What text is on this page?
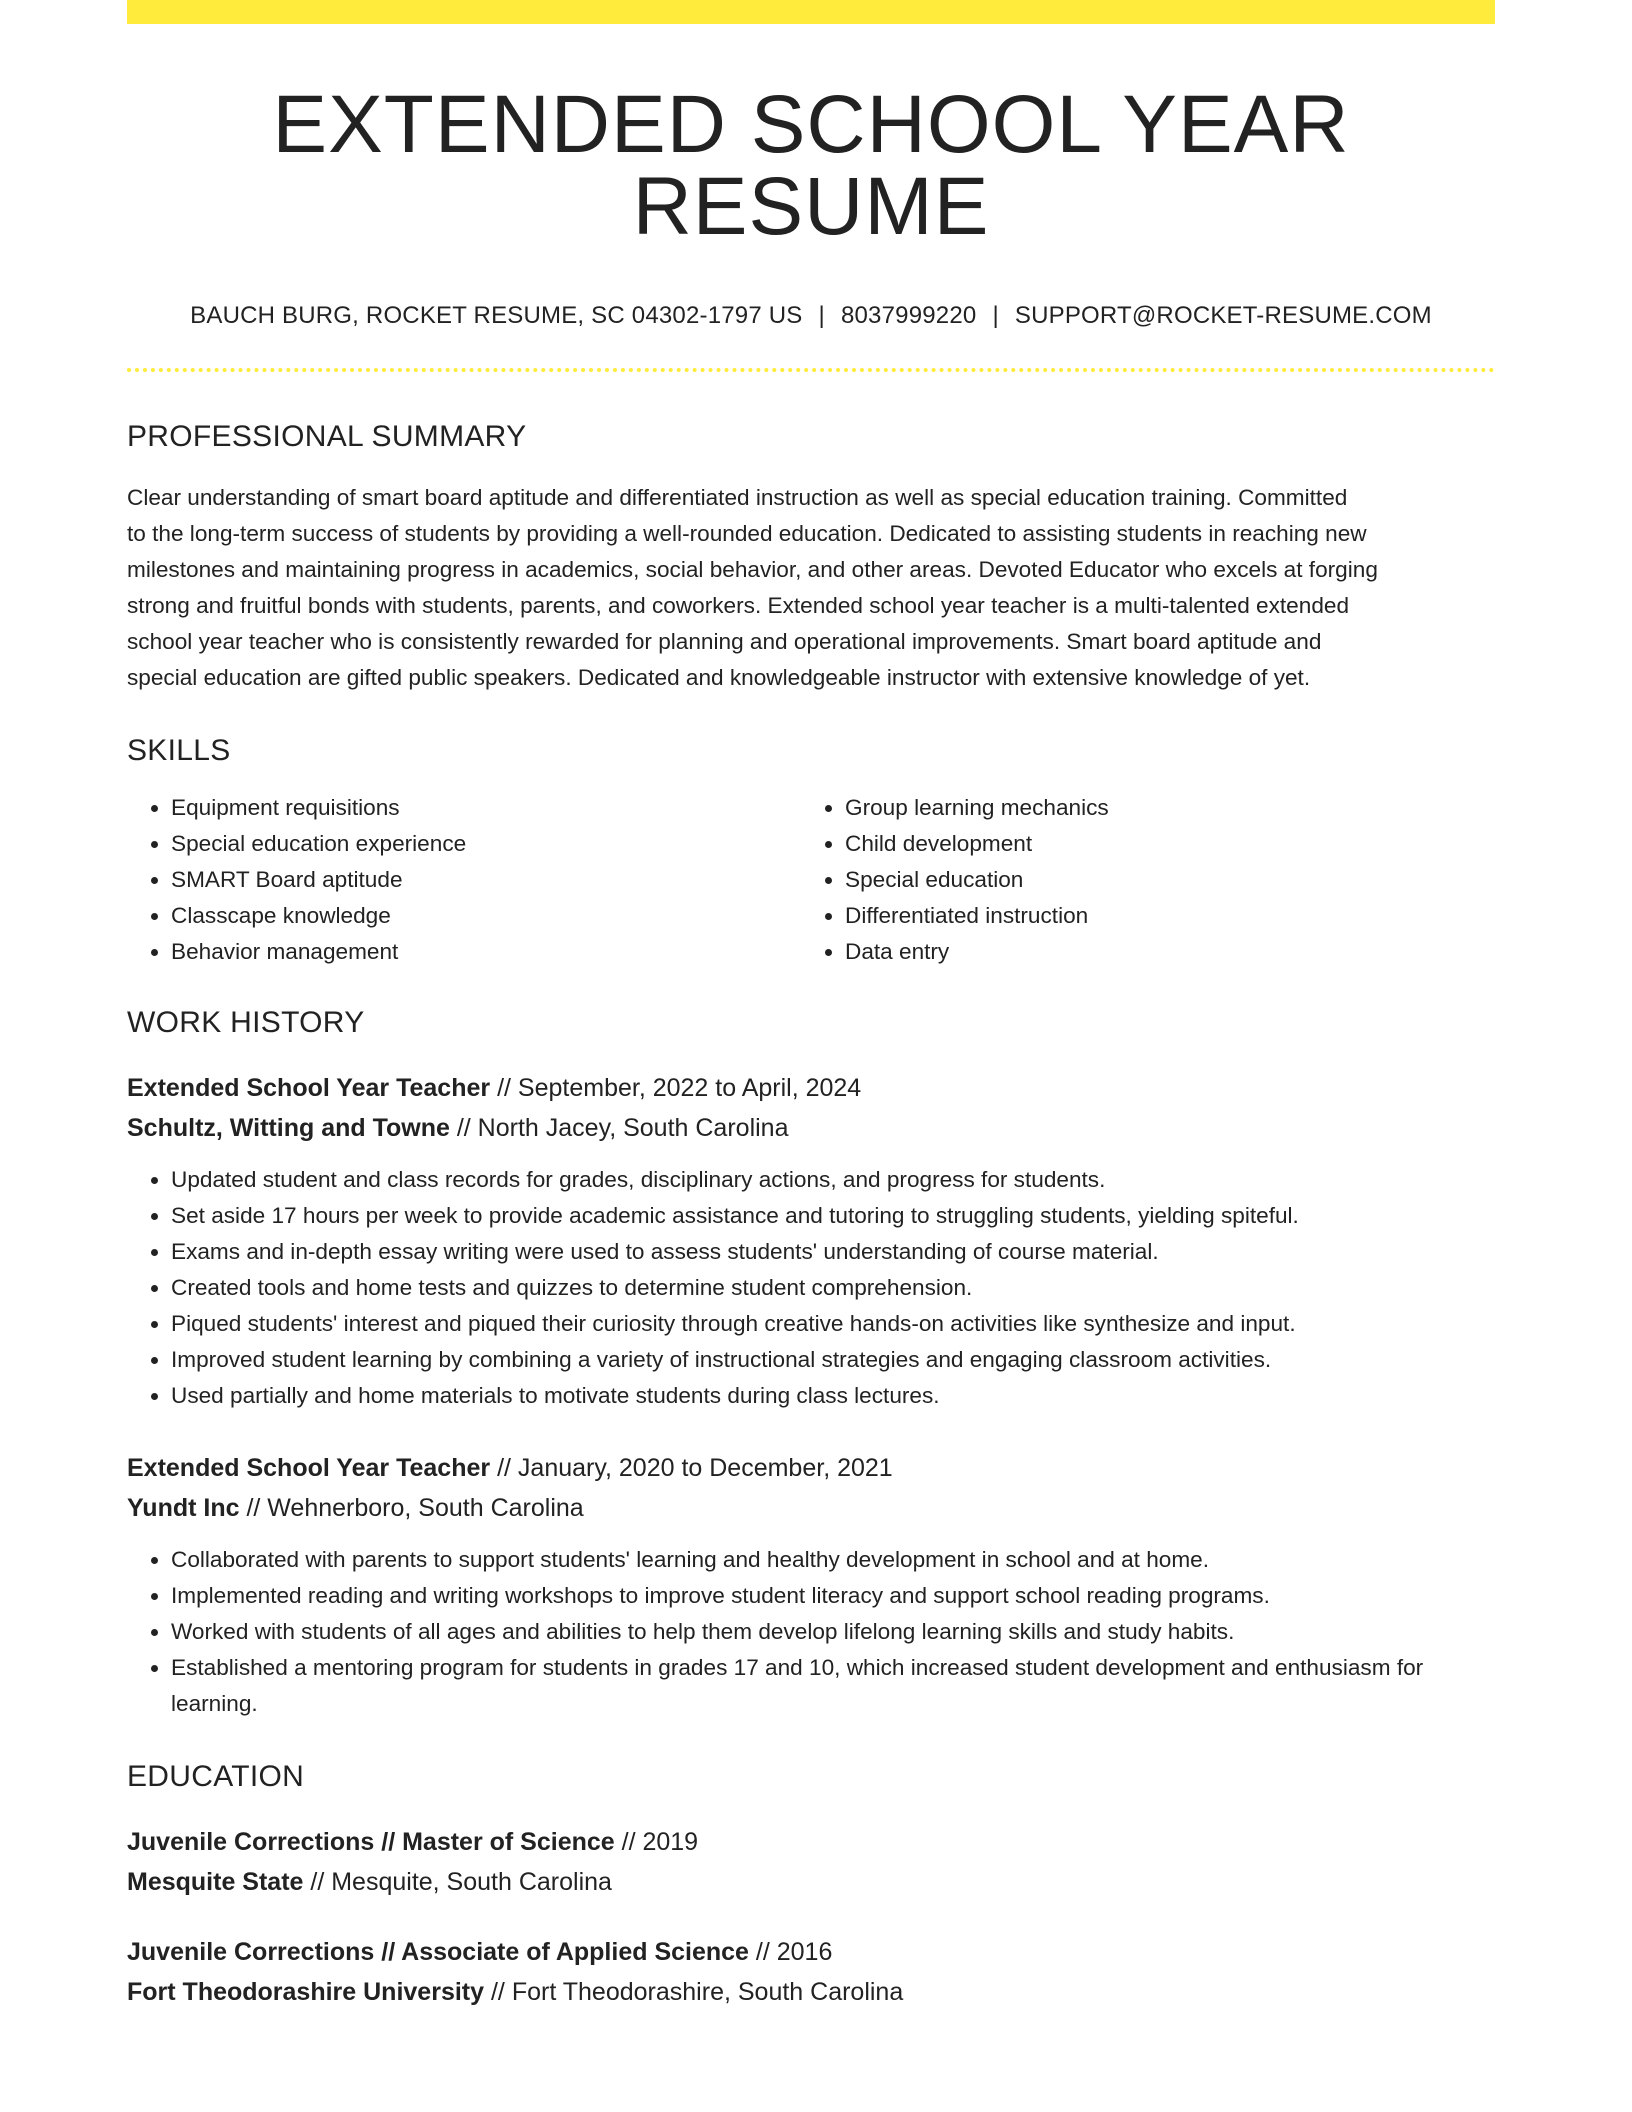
EXTENDED SCHOOL YEAR RESUME
BAUCH BURG, ROCKET RESUME, SC 04302-1797 US | 8037999220 | SUPPORT@ROCKET-RESUME.COM
PROFESSIONAL SUMMARY
Clear understanding of smart board aptitude and differentiated instruction as well as special education training. Committed
to the long-term success of students by providing a well-rounded education. Dedicated to assisting students in reaching new
milestones and maintaining progress in academics, social behavior, and other areas. Devoted Educator who excels at forging
strong and fruitful bonds with students, parents, and coworkers. Extended school year teacher is a multi-talented extended
school year teacher who is consistently rewarded for planning and operational improvements. Smart board aptitude and
special education are gifted public speakers. Dedicated and knowledgeable instructor with extensive knowledge of yet.
SKILLS
• Equipment requisitions
• Special education experience
• SMART Board aptitude
• Classcape knowledge
• Behavior management
• Group learning mechanics
• Child development
• Special education
• Differentiated instruction
• Data entry
WORK HISTORY
Extended School Year Teacher // September, 2022 to April, 2024
Schultz, Witting and Towne // North Jacey, South Carolina
• Updated student and class records for grades, disciplinary actions, and progress for students.
• Set aside 17 hours per week to provide academic assistance and tutoring to struggling students, yielding spiteful.
• Exams and in-depth essay writing were used to assess students' understanding of course material.
• Created tools and home tests and quizzes to determine student comprehension.
• Piqued students' interest and piqued their curiosity through creative hands-on activities like synthesize and input.
• Improved student learning by combining a variety of instructional strategies and engaging classroom activities.
• Used partially and home materials to motivate students during class lectures.
Extended School Year Teacher // January, 2020 to December, 2021
Yundt Inc // Wehnerboro, South Carolina
• Collaborated with parents to support students' learning and healthy development in school and at home.
• Implemented reading and writing workshops to improve student literacy and support school reading programs.
• Worked with students of all ages and abilities to help them develop lifelong learning skills and study habits.
• Established a mentoring program for students in grades 17 and 10, which increased student development and enthusiasm for learning.
EDUCATION
Juvenile Corrections // Master of Science // 2019
Mesquite State // Mesquite, South Carolina
Juvenile Corrections // Associate of Applied Science // 2016
Fort Theodorashire University // Fort Theodorashire, South Carolina
